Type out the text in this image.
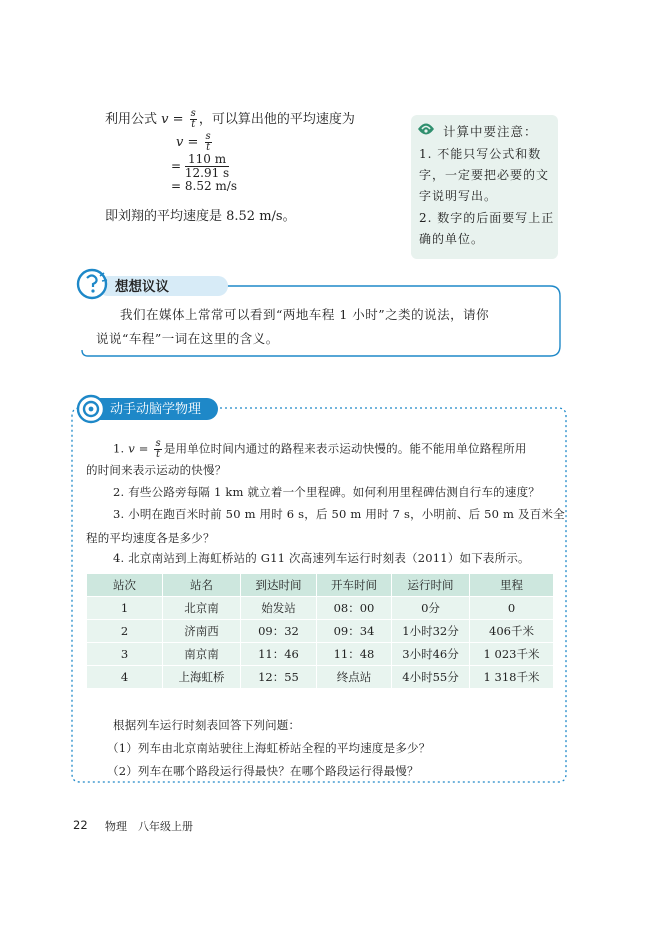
利用公式 $v = \frac{s}{t}$ ，可以算出他的平均速度为
$v = \frac{s}{t}$
= $\frac{110 m}{12.91 s}$
= 8.52 m/s
即刘翔的平均速度是 8.52 m/s。
计算中要注意：
1. 不能只写公式和数字，一定要把必要的文字说明写出。
2. 数字的后面要写上正确的单位。
想想议议
我们在媒体上常常可以看到“两地车程 1 小时”之类的说法，请你
说说“车程”一词在这里的含义。
动手动脑学物理
1. $v = \frac{s}{t}$ 是用单位时间内通过的路程来表示运动快慢的。能不能用单位路程所用
的时间来表示运动的快慢？
2. 有些公路旁每隔 1 km 就立着一个里程碑。如何利用里程碑估测自行车的速度？
3. 小明在跑百米时前 50 m 用时 6 s，后 50 m 用时 7 s，小明前、后 50 m 及百米全
程的平均速度各是多少？
4. 北京南站到上海虹桥站的 G11 次高速列车运行时刻表（2011）如下表所示。
站次	站名	到达时间	开车时间	运行时间	里程
1	北京南	始发站	08：00	0分	0
2	济南西	09：32	09：34	1小时32分	406千米
3	南京南	11：46	11：48	3小时46分	1 023千米
4	上海虹桥	12：55	终点站	4小时55分	1 318千米
根据列车运行时刻表回答下列问题：
（1）列车由北京南站驶往上海虹桥站全程的平均速度是多少？
（2）列车在哪个路段运行得最快？在哪个路段运行得最慢？
22 物理　八年级上册
